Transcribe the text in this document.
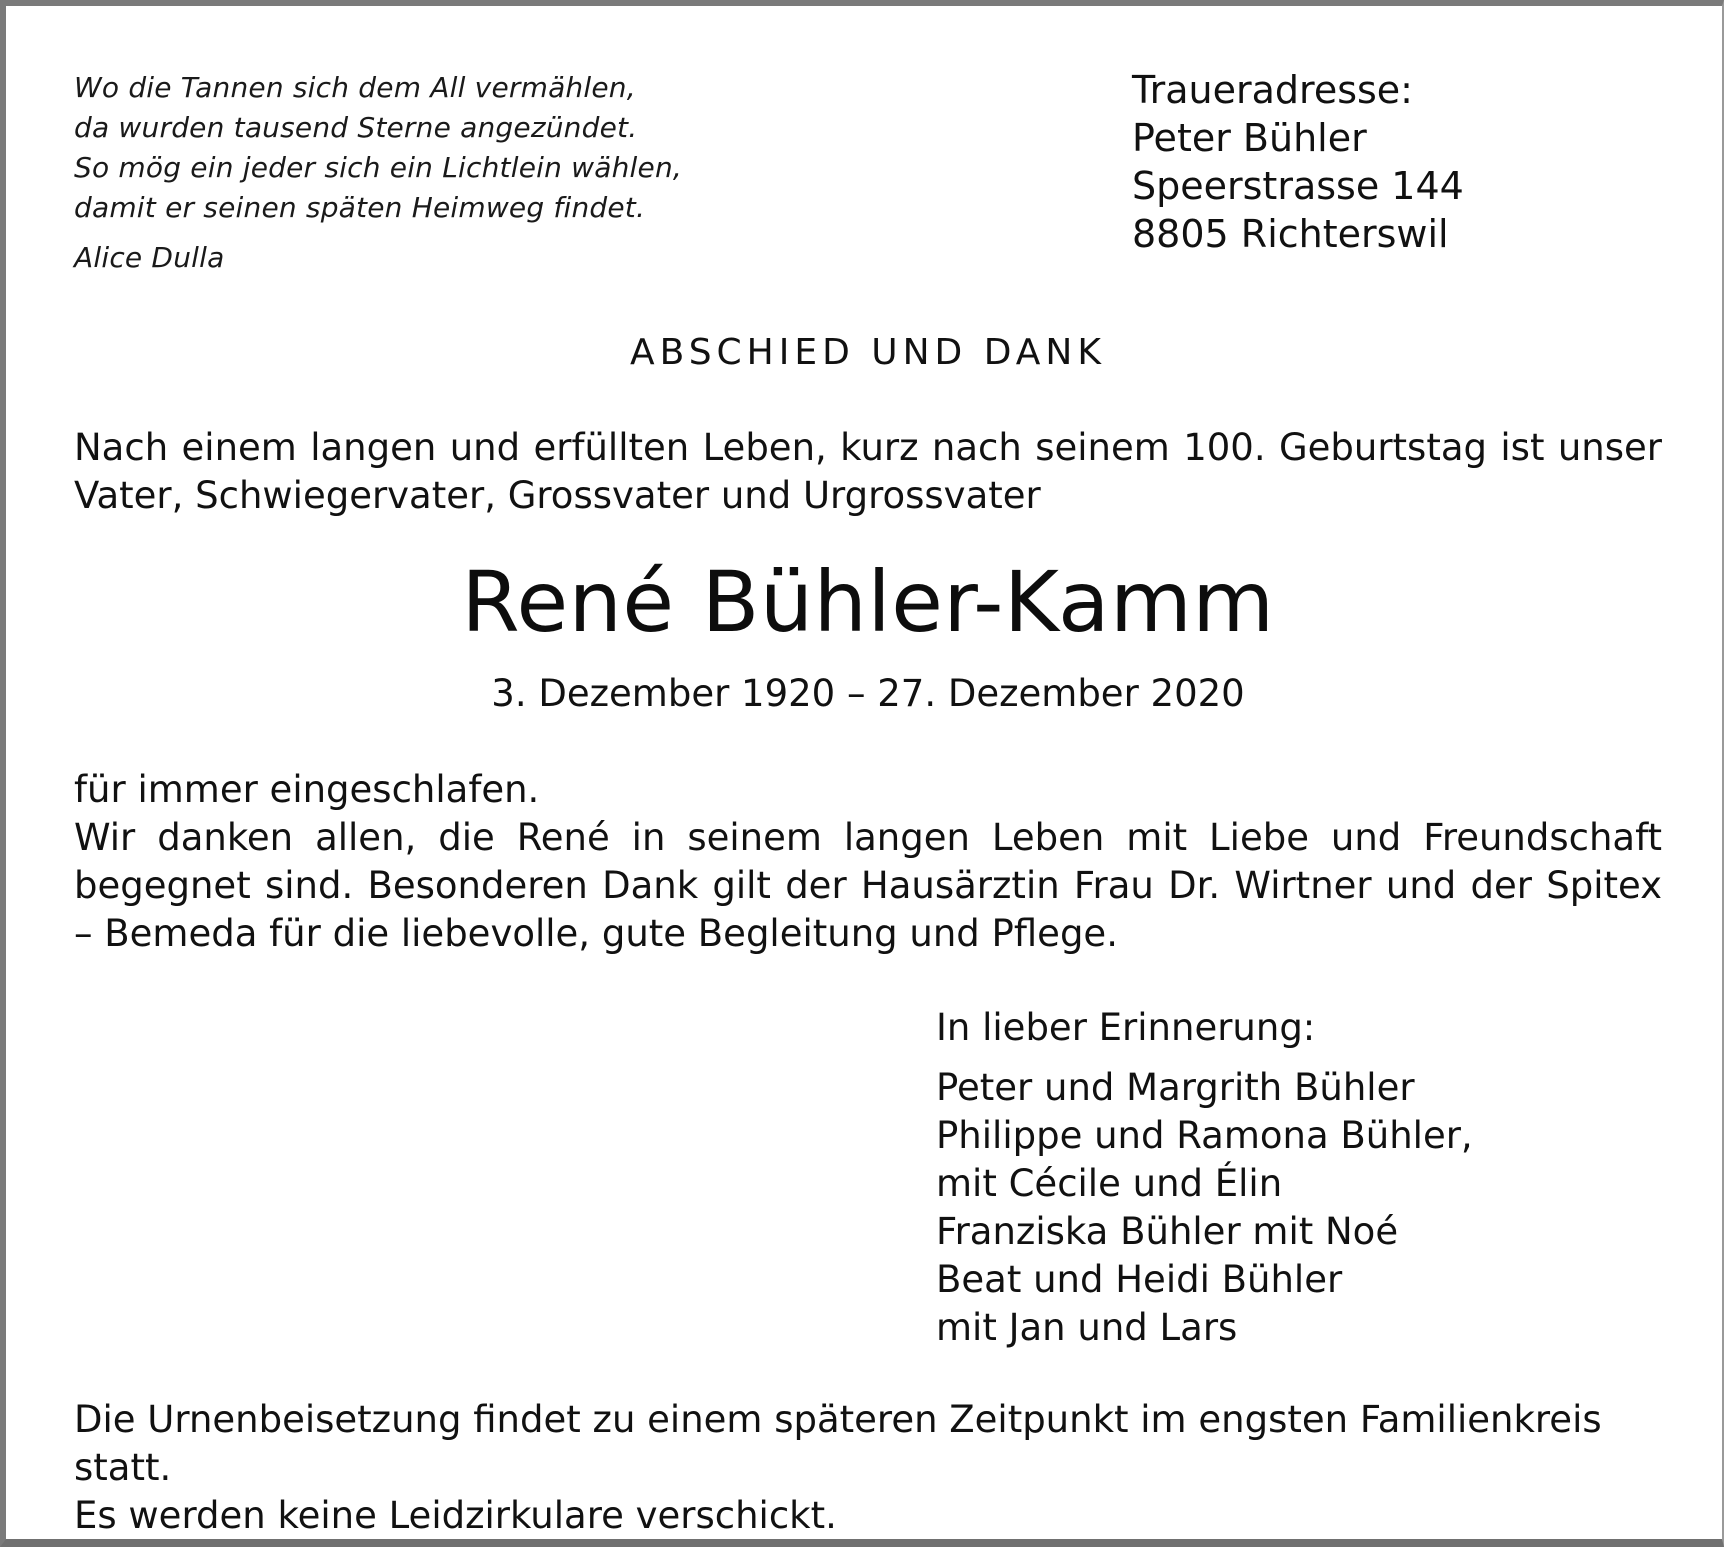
Wo die Tannen sich dem All vermählen,
da wurden tausend Sterne angezündet.
So mög ein jeder sich ein Lichtlein wählen,
damit er seinen späten Heimweg findet.
Alice Dulla
Traueradresse:
Peter Bühler
Speerstrasse 144
8805 Richterswil
ABSCHIED UND DANK

Nach einem langen und erfüllten Leben, kurz nach seinem 100. Geburtstag ist unser Vater, Schwiegervater, Grossvater und Urgrossvater

René Bühler-Kamm
3. Dezember 1920 – 27. Dezember 2020

für immer eingeschlafen.

Wir danken allen, die René in seinem langen Leben mit Liebe und Freundschaft begegnet sind. Besonderen Dank gilt der Hausärztin Frau Dr. Wirtner und der Spitex – Bemeda für die liebevolle, gute Begleitung und Pflege.

In lieber Erinnerung:
Peter und Margrith Bühler
Philippe und Ramona Bühler,
mit Cécile und Élin
Franziska Bühler mit Noé
Beat und Heidi Bühler
mit Jan und Lars

Die Urnenbeisetzung findet zu einem späteren Zeitpunkt im engsten Familienkreis statt.

Es werden keine Leidzirkulare verschickt.
